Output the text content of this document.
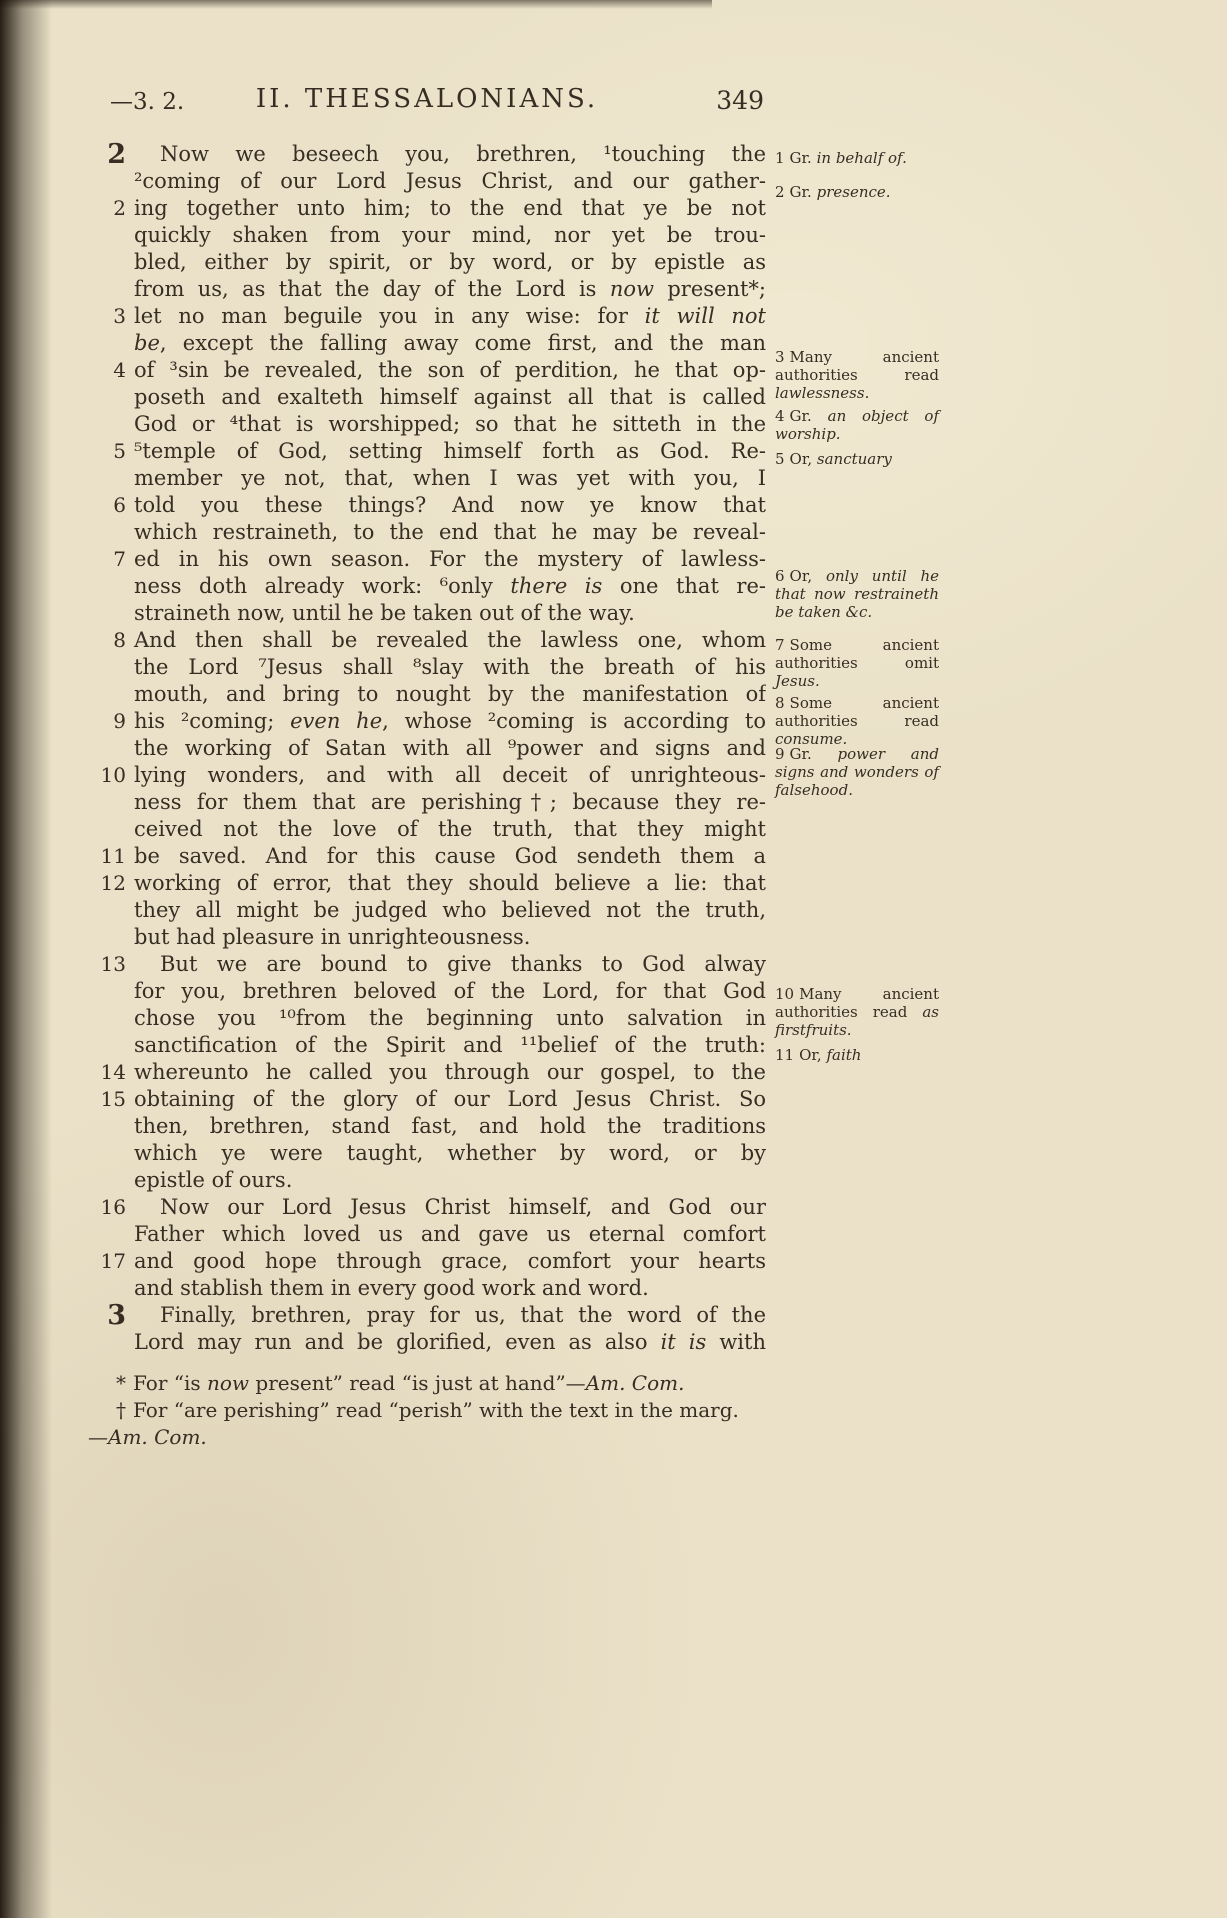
—3. 2.	II. THESSALONIANS.	349
2	Now we beseech you, brethren, ¹touching the
²coming of our Lord Jesus Christ, and our gather-
2 ing together unto him; to the end that ye be not
quickly shaken from your mind, nor yet be trou-
bled, either by spirit, or by word, or by epistle as
from us, as that the day of the Lord is now present*;
3 let no man beguile you in any wise: for it will not
be, except the falling away come first, and the man
4 of ³sin be revealed, the son of perdition, he that op-
poseth and exalteth himself against all that is called
God or ⁴that is worshipped; so that he sitteth in the
5 ⁵temple of God, setting himself forth as God. Re-
member ye not, that, when I was yet with you, I
6 told you these things? And now ye know that
which restraineth, to the end that he may be reveal-
7 ed in his own season. For the mystery of lawless-
ness doth already work: ⁶only there is one that re-
straineth now, until he be taken out of the way.
8 And then shall be revealed the lawless one, whom
the Lord ⁷Jesus shall ⁸slay with the breath of his
mouth, and bring to nought by the manifestation of
9 his ²coming; even he, whose ²coming is according to
the working of Satan with all ⁹power and signs and
10 lying wonders, and with all deceit of unrighteous-
ness for them that are perishing†; because they re-
ceived not the love of the truth, that they might
11 be saved. And for this cause God sendeth them a
12 working of error, that they should believe a lie: that
they all might be judged who believed not the truth,
but had pleasure in unrighteousness.
13	But we are bound to give thanks to God alway
for you, brethren beloved of the Lord, for that God
chose you ¹⁰from the beginning unto salvation in
sanctification of the Spirit and ¹¹belief of the truth:
14 whereunto he called you through our gospel, to the
15 obtaining of the glory of our Lord Jesus Christ. So
then, brethren, stand fast, and hold the traditions
which ye were taught, whether by word, or by
epistle of ours.
16	Now our Lord Jesus Christ himself, and God our
Father which loved us and gave us eternal comfort
17 and good hope through grace, comfort your hearts
and stablish them in every good work and word.
3	Finally, brethren, pray for us, that the word of the
Lord may run and be glorified, even as also it is with
1 Gr. in behalf of.
2 Gr. presence.
3 Many ancient authorities read lawlessness.
4 Gr. an object of worship.
5 Or, sanctuary
6 Or, only until he that now restraineth be taken &c.
7 Some ancient authorities omit Jesus.
8 Some ancient authorities read consume.
9 Gr. power and signs and wonders of falsehood.
10 Many ancient authorities read as firstfruits.
11 Or, faith

* For “is now present” read “is just at hand”—Am. Com.

† For “are perishing” read “perish” with the text in the marg.—Am. Com.
